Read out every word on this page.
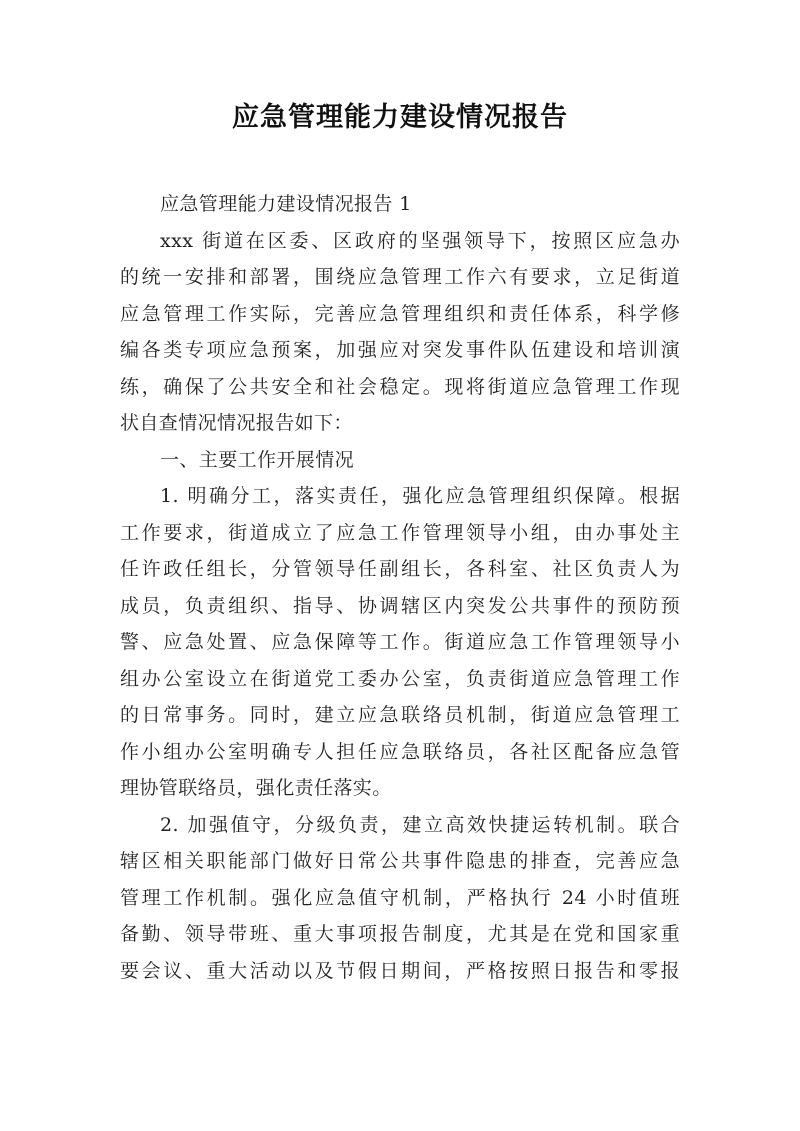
应急管理能力建设情况报告
应急管理能力建设情况报告 1
xxx 街道在区委、区政府的坚强领导下，按照区应急办
的统一安排和部署，围绕应急管理工作六有要求，立足街道
应急管理工作实际，完善应急管理组织和责任体系，科学修
编各类专项应急预案，加强应对突发事件队伍建设和培训演
练，确保了公共安全和社会稳定。现将街道应急管理工作现
状自查情况情况报告如下：
一、主要工作开展情况
1. 明确分工，落实责任，强化应急管理组织保障。根据
工作要求，街道成立了应急工作管理领导小组，由办事处主
任许政任组长，分管领导任副组长，各科室、社区负责人为
成员，负责组织、指导、协调辖区内突发公共事件的预防预
警、应急处置、应急保障等工作。街道应急工作管理领导小
组办公室设立在街道党工委办公室，负责街道应急管理工作
的日常事务。同时，建立应急联络员机制，街道应急管理工
作小组办公室明确专人担任应急联络员，各社区配备应急管
理协管联络员，强化责任落实。
2. 加强值守，分级负责，建立高效快捷运转机制。联合
辖区相关职能部门做好日常公共事件隐患的排查，完善应急
管理工作机制。强化应急值守机制，严格执行 24 小时值班
备勤、领导带班、重大事项报告制度，尤其是在党和国家重
要会议、重大活动以及节假日期间，严格按照日报告和零报
